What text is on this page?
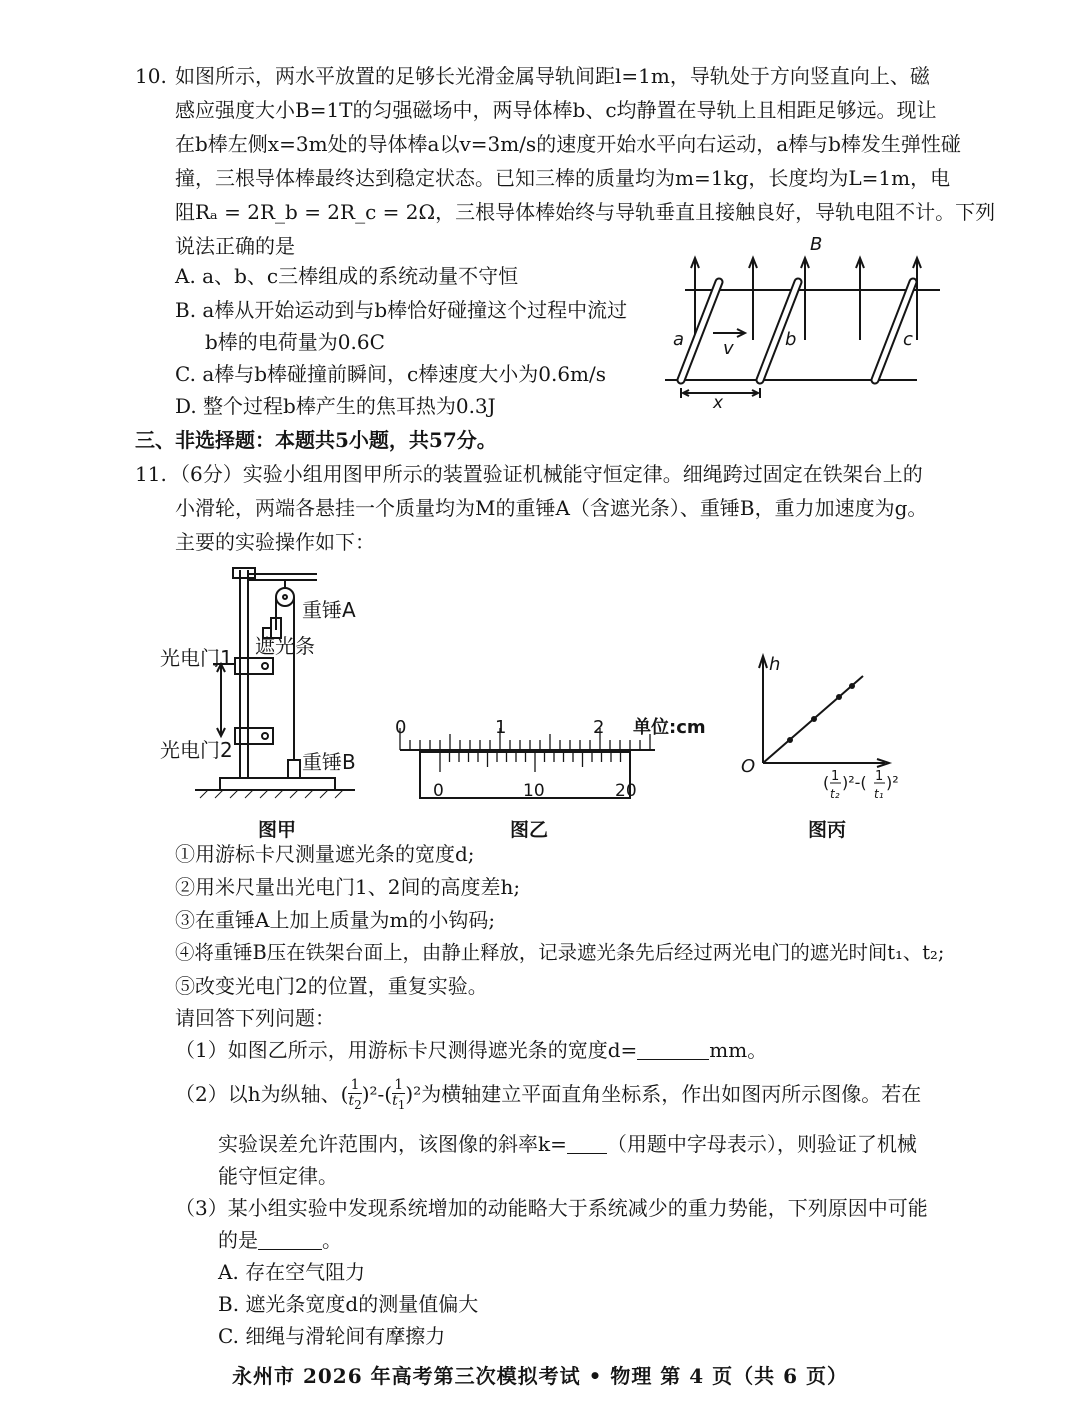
10. 如图所示，两水平放置的足够长光滑金属导轨间距l=1m，导轨处于方向竖直向上、磁
感应强度大小B=1T的匀强磁场中，两导体棒b、c均静置在导轨上且相距足够远。现让
在b棒左侧x=3m处的导体棒a以v=3m/s的速度开始水平向右运动，a棒与b棒发生弹性碰
撞，三根导体棒最终达到稳定状态。已知三棒的质量均为m=1kg，长度均为L=1m，电
阻Rₐ = 2R_b = 2R_c = 2Ω，三根导体棒始终与导轨垂直且接触良好，导轨电阻不计。下列
说法正确的是
A. a、b、c三棒组成的系统动量不守恒
B. a棒从开始运动到与b棒恰好碰撞这个过程中流过
b棒的电荷量为0.6C
C. a棒与b棒碰撞前瞬间，c棒速度大小为0.6m/s
D. 整个过程b棒产生的焦耳热为0.3J
B
a	b	c
v
x
三、非选择题：本题共5小题，共57分。
11. （6分）实验小组用图甲所示的装置验证机械能守恒定律。细绳跨过固定在铁架台上的
小滑轮，两端各悬挂一个质量均为M的重锤A（含遮光条）、重锤B，重力加速度为g。
主要的实验操作如下：
重锤A
遮光条
光电门1
光电门2	重锤B
图甲
0	1	2 单位:cm
0	10	20
图乙
h
O
( 1
t₂
)²-( 1
t₁
)²
图丙
①用游标卡尺测量遮光条的宽度d;
②用米尺量出光电门1、2间的高度差h;
③在重锤A上加上质量为m的小钩码;
④将重锤B压在铁架台面上，由静止释放，记录遮光条先后经过两光电门的遮光时间t₁、t₂;
⑤改变光电门2的位置，重复实验。
请回答下列问题：
（1）如图乙所示，用游标卡尺测得遮光条的宽度d=	mm。
（2）以h为纵轴、( $\frac{1}{t_2} )^2-( \frac{1}{t_1} )^2$为横轴建立平面直角坐标系，作出如图丙所示图像。若在
实验误差允许范围内，该图像的斜率k= （用题中字母表示），则验证了机械
能守恒定律。
（3）某小组实验中发现系统增加的动能略大于系统减少的重力势能，下列原因中可能
的是	。
A. 存在空气阻力
B. 遮光条宽度d的测量值偏大
C. 细绳与滑轮间有摩擦力
永州市 2026 年高考第三次模拟考试 • 物理 第 4 页（共 6 页）
